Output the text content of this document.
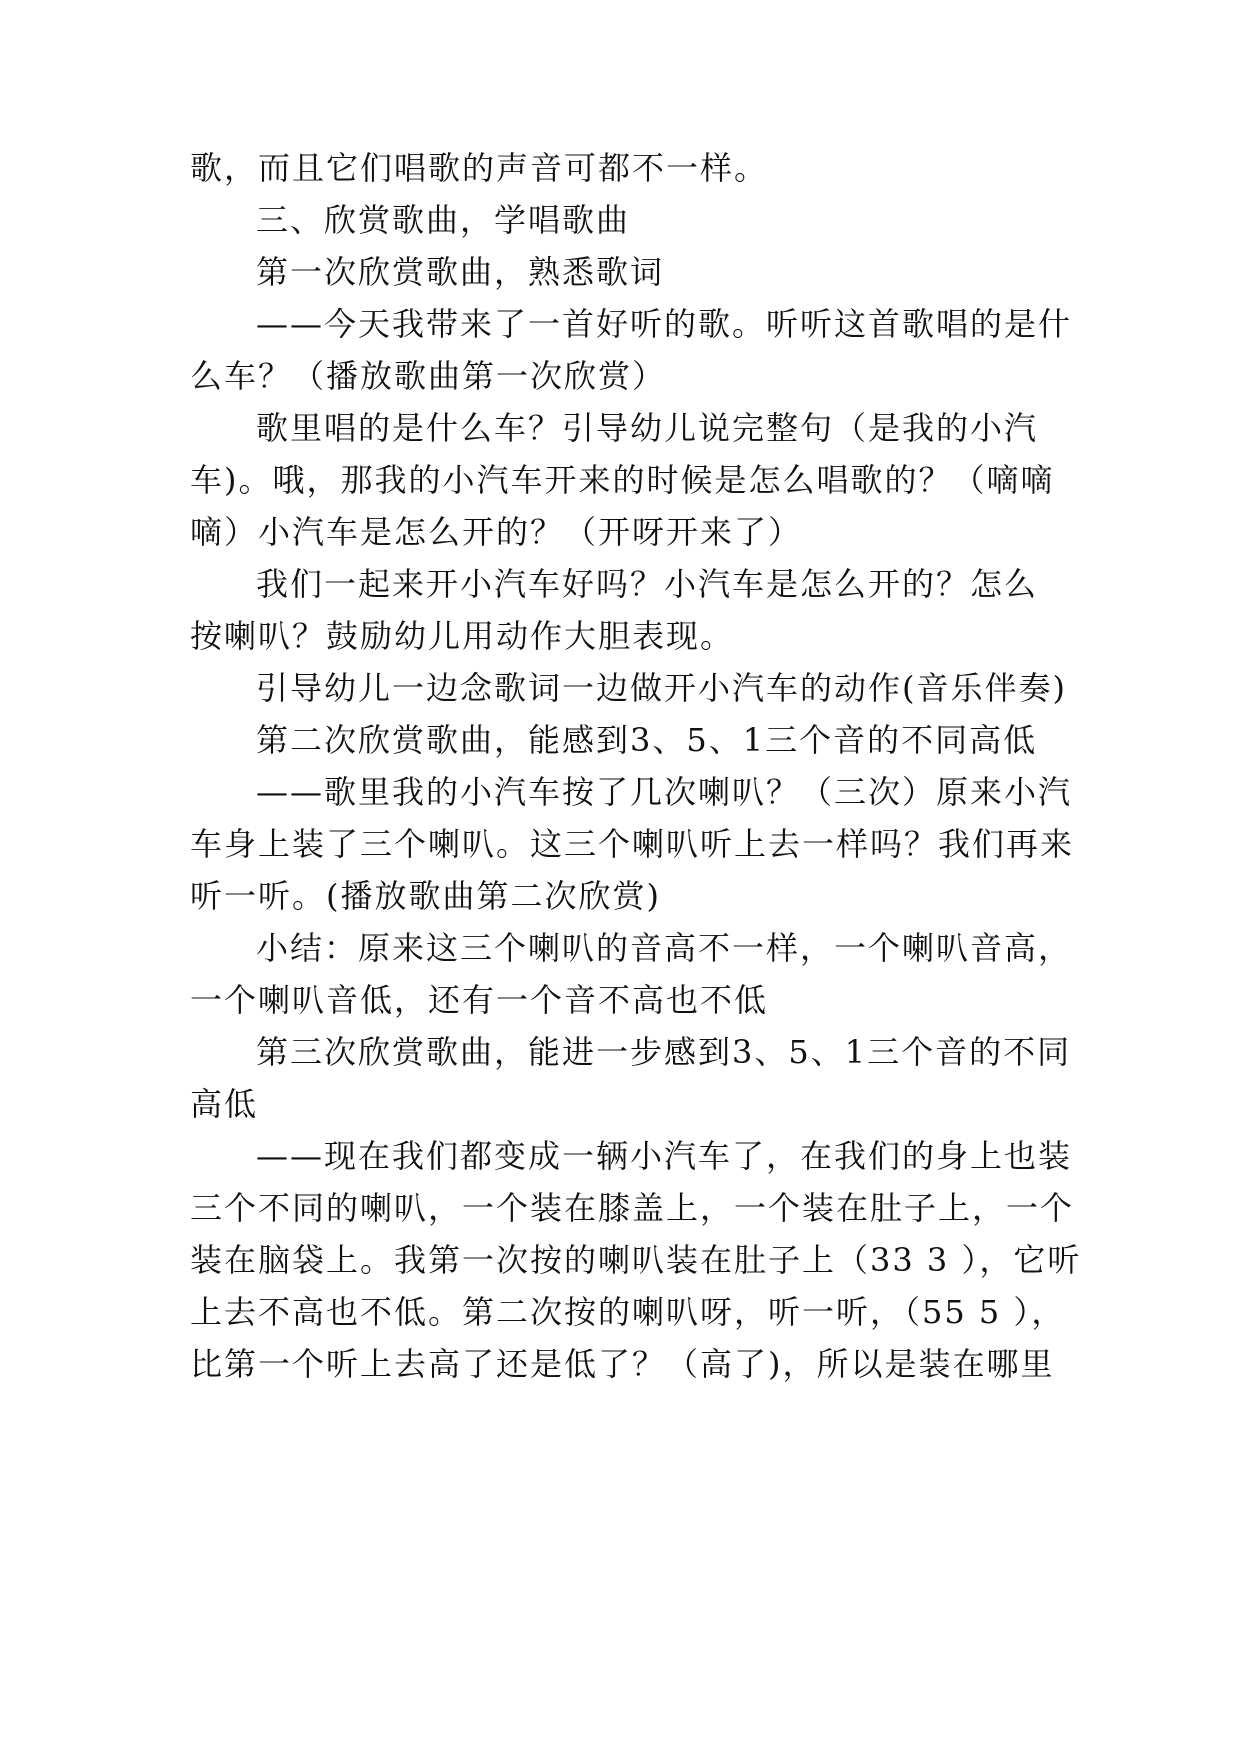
歌，而且它们唱歌的声音可都不一样。
三、欣赏歌曲，学唱歌曲
第一次欣赏歌曲，熟悉歌词
——今天我带来了一首好听的歌。听听这首歌唱的是什
么车？（播放歌曲第一次欣赏）
歌里唱的是什么车？引导幼儿说完整句（是我的小汽
车)。哦，那我的小汽车开来的时候是怎么唱歌的？（嘀嘀
嘀）小汽车是怎么开的？（开呀开来了）
我们一起来开小汽车好吗？小汽车是怎么开的？怎么
按喇叭？鼓励幼儿用动作大胆表现。
引导幼儿一边念歌词一边做开小汽车的动作(音乐伴奏)
第二次欣赏歌曲，能感到3、5、1三个音的不同高低
——歌里我的小汽车按了几次喇叭？（三次）原来小汽
车身上装了三个喇叭。这三个喇叭听上去一样吗？我们再来
听一听。(播放歌曲第二次欣赏)
小结：原来这三个喇叭的音高不一样，一个喇叭音高，
一个喇叭音低，还有一个音不高也不低
第三次欣赏歌曲，能进一步感到3、5、1三个音的不同
高低
——现在我们都变成一辆小汽车了，在我们的身上也装
三个不同的喇叭，一个装在膝盖上，一个装在肚子上，一个
装在脑袋上。我第一次按的喇叭装在肚子上（33 3 ），它听
上去不高也不低。第二次按的喇叭呀，听一听，（55 5 ），
比第一个听上去高了还是低了？（高了)，所以是装在哪里
